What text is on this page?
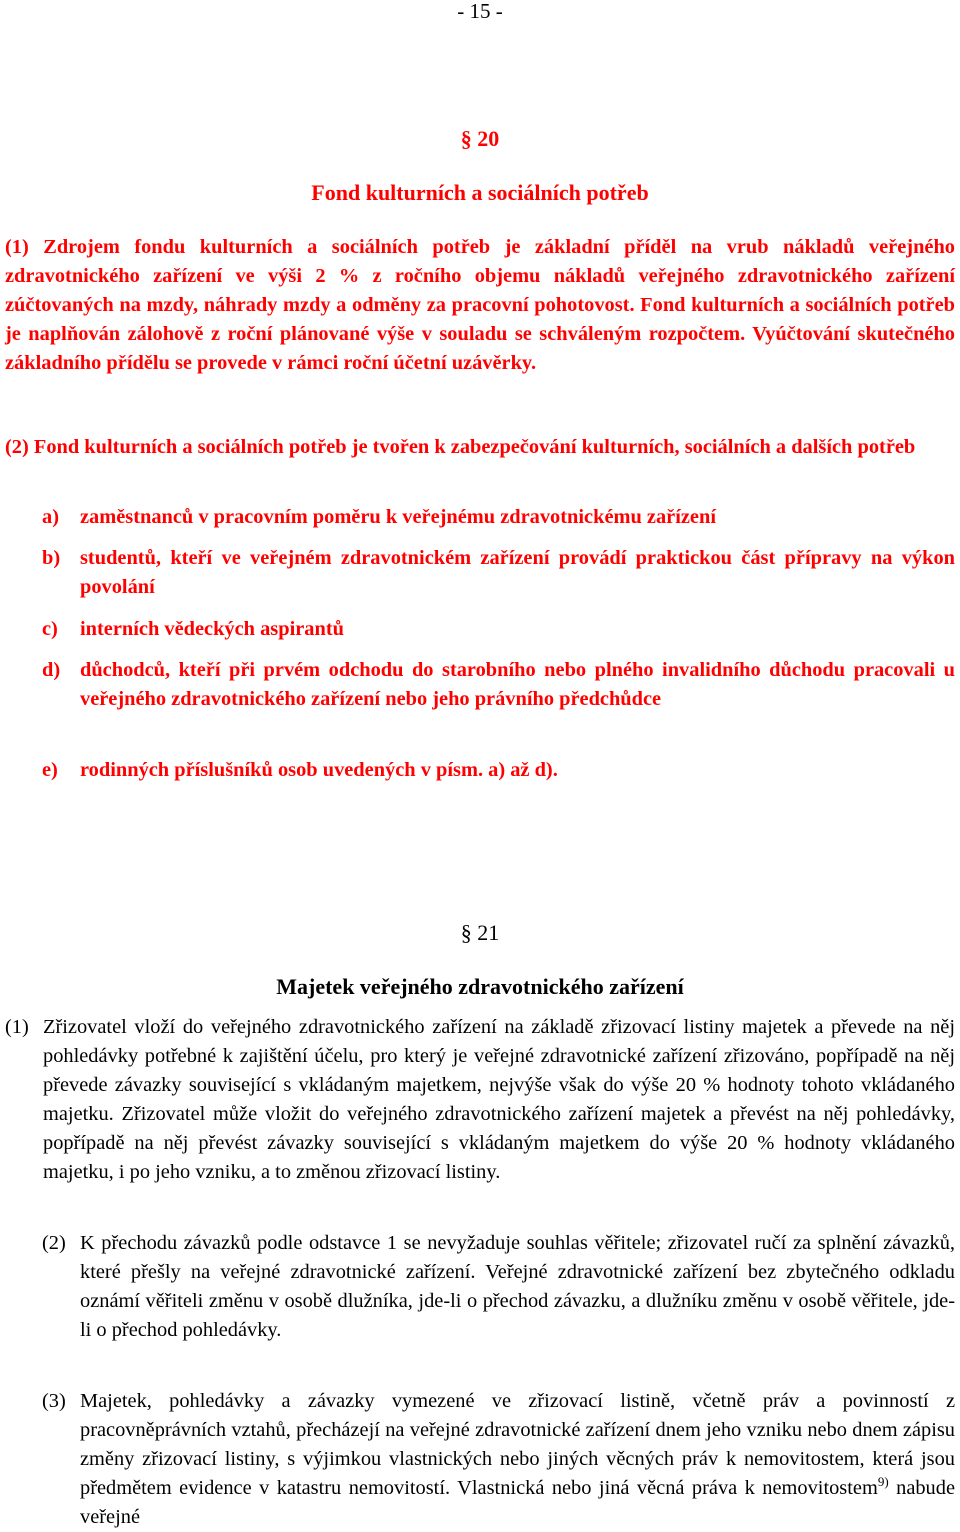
- 15 -
§ 20
Fond kulturních a sociálních potřeb
(1) Zdrojem fondu kulturních a sociálních potřeb je základní příděl na vrub nákladů veřejného zdravotnického zařízení ve výši 2 % z ročního objemu nákladů veřejného zdravotnického zařízení zúčtovaných na mzdy, náhrady mzdy a odměny za pracovní pohotovost. Fond kulturních a sociálních potřeb je naplňován zálohově z roční plánované výše v souladu se schváleným rozpočtem. Vyúčtování skutečného základního přídělu se provede v rámci roční účetní uzávěrky.
(2) Fond kulturních a sociálních potřeb je tvořen k zabezpečování kulturních, sociálních a dalších potřeb
a) zaměstnanců v pracovním poměru k veřejnému zdravotnickému zařízení
b) studentů, kteří ve veřejném zdravotnickém zařízení provádí praktickou část přípravy na výkon povolání
c) interních vědeckých aspirantů
d) důchodců, kteří při prvém odchodu do starobního nebo plného invalidního důchodu pracovali u veřejného zdravotnického zařízení nebo jeho právního předchůdce
e) rodinných příslušníků osob uvedených v písm. a) až d).
§ 21
Majetek veřejného zdravotnického zařízení
(1) Zřizovatel vloží do veřejného zdravotnického zařízení na základě zřizovací listiny majetek a převede na něj pohledávky potřebné k zajištění účelu, pro který je veřejné zdravotnické zařízení zřizováno, popřípadě na něj převede závazky související s vkládaným majetkem, nejvýše však do výše 20 % hodnoty tohoto vkládaného majetku. Zřizovatel může vložit do veřejného zdravotnického zařízení majetek a převést na něj pohledávky, popřípadě na něj převést závazky související s vkládaným majetkem do výše 20 % hodnoty vkládaného majetku, i po jeho vzniku, a to změnou zřizovací listiny.
(2) K přechodu závazků podle odstavce 1 se nevyžaduje souhlas věřitele; zřizovatel ručí za splnění závazků, které přešly na veřejné zdravotnické zařízení. Veřejné zdravotnické zařízení bez zbytečného odkladu oznámí věřiteli změnu v osobě dlužníka, jde-li o přechod závazku, a dlužníku změnu v osobě věřitele, jde-li o přechod pohledávky.
(3) Majetek, pohledávky a závazky vymezené ve zřizovací listině, včetně práv a povinností z pracovněprávních vztahů, přecházejí na veřejné zdravotnické zařízení dnem jeho vzniku nebo dnem zápisu změny zřizovací listiny, s výjimkou vlastnických nebo jiných věcných práv k nemovitostem, která jsou předmětem evidence v katastru nemovitostí. Vlastnická nebo jiná věcná práva k nemovitostem$^{9)}$ nabude veřejné
